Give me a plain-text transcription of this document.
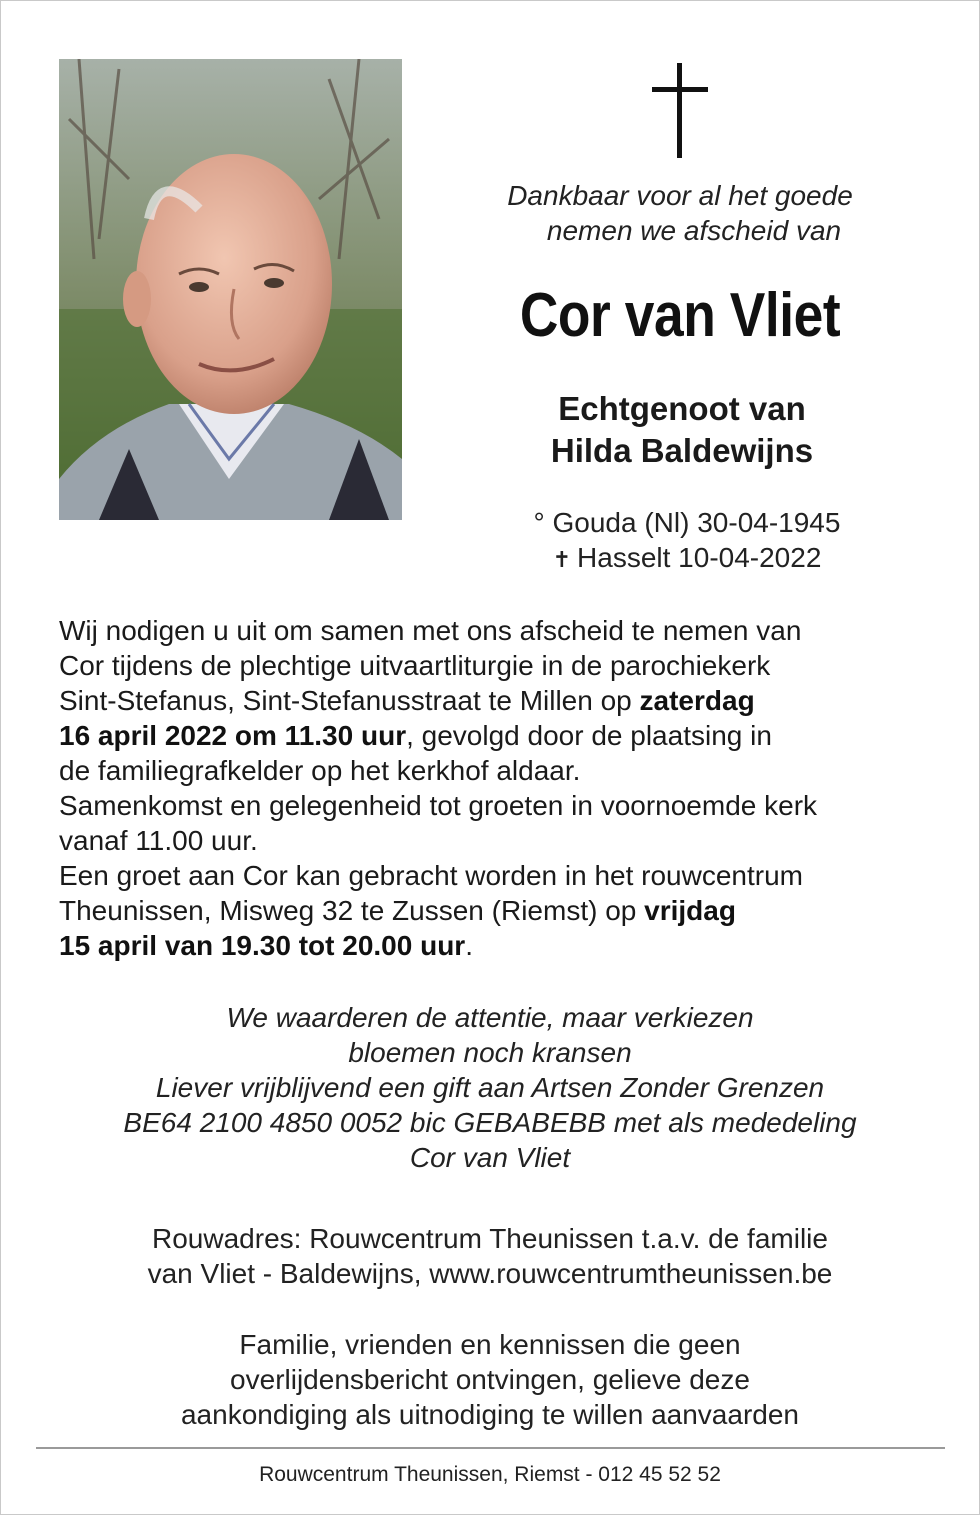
Dankbaar voor al het goede

nemen we afscheid van
Cor van Vliet
Echtgenoot van
Hilda Baldewijns
° Gouda (Nl) 30-04-1945
✝ Hasselt 10-04-2022
Wij nodigen u uit om samen met ons afscheid te nemen van
Cor tijdens de plechtige uitvaartliturgie in de parochiekerk
Sint-Stefanus, Sint-Stefanusstraat te Millen op zaterdag
16 april 2022 om 11.30 uur, gevolgd door de plaatsing in
de familiegrafkelder op het kerkhof aldaar.
Samenkomst en gelegenheid tot groeten in voornoemde kerk
vanaf 11.00 uur.
Een groet aan Cor kan gebracht worden in het rouwcentrum
Theunissen, Misweg 32 te Zussen (Riemst) op vrijdag
15 april van 19.30 tot 20.00 uur.
We waarderen de attentie, maar verkiezen
bloemen noch kransen
Liever vrijblijvend een gift aan Artsen Zonder Grenzen
BE64 2100 4850 0052 bic GEBABEBB met als mededeling
Cor van Vliet
Rouwadres: Rouwcentrum Theunissen t.a.v. de familie
van Vliet - Baldewijns, www.rouwcentrumtheunissen.be
Familie, vrienden en kennissen die geen
overlijdensbericht ontvingen, gelieve deze
aankondiging als uitnodiging te willen aanvaarden
Rouwcentrum Theunissen, Riemst - 012 45 52 52
